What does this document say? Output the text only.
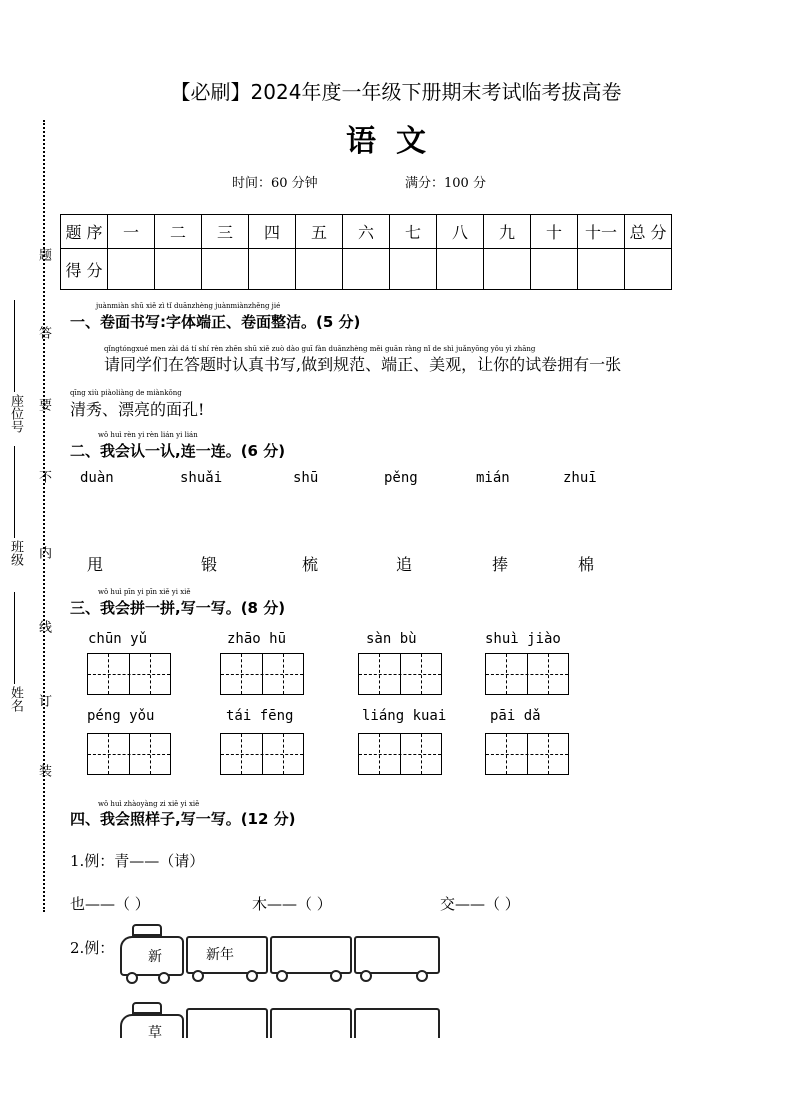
【必刷】2024年度一年级下册期末考试临考拔高卷
语文
时间：60 分钟	满分：100 分
题
答
要
不
内
线
订
装
座位号
班级
姓名
题 序	一	二	三	四	五	六	七	八	九	十	十一	总 分
得 分												
juànmiàn shū xiě zì tǐ duānzhèng juànmiànzhěng jié
一、卷面书写:字体端正、卷面整洁。(5 分)
qǐngtóngxué men zài dá tí shí rèn zhēn shū xiě zuò dào guī fàn duānzhèng měi guān ràng nǐ de shì juǎnyōng yǒu yì zhāng
请同学们在答题时认真书写,做到规范、端正、美观，让你的试卷拥有一张
qīng xiù piàoliàng de miànkǒng
清秀、漂亮的面孔!
wǒ huì rèn yi rèn lián yi lián
二、我会认一认,连一连。(6 分)
duàn	shuǎi	shū	pěng	mián	zhuī
甩	锻	梳	追	捧	棉
wǒ huì pīn yi pīn xiě yi xiě
三、我会拼一拼,写一写。(8 分)
chūn yǔ	zhāo hū	sàn bù	shuì jiào
péng yǒu	tái fēng	liáng kuai	pāi dǎ
wǒ huì zhàoyàng zi xiě yi xiě
四、我会照样子,写一写。(12 分)
1.例：青——（请）
也——（ ）	木——（ ）	交——（ ）
2.例： 新	新年
草
